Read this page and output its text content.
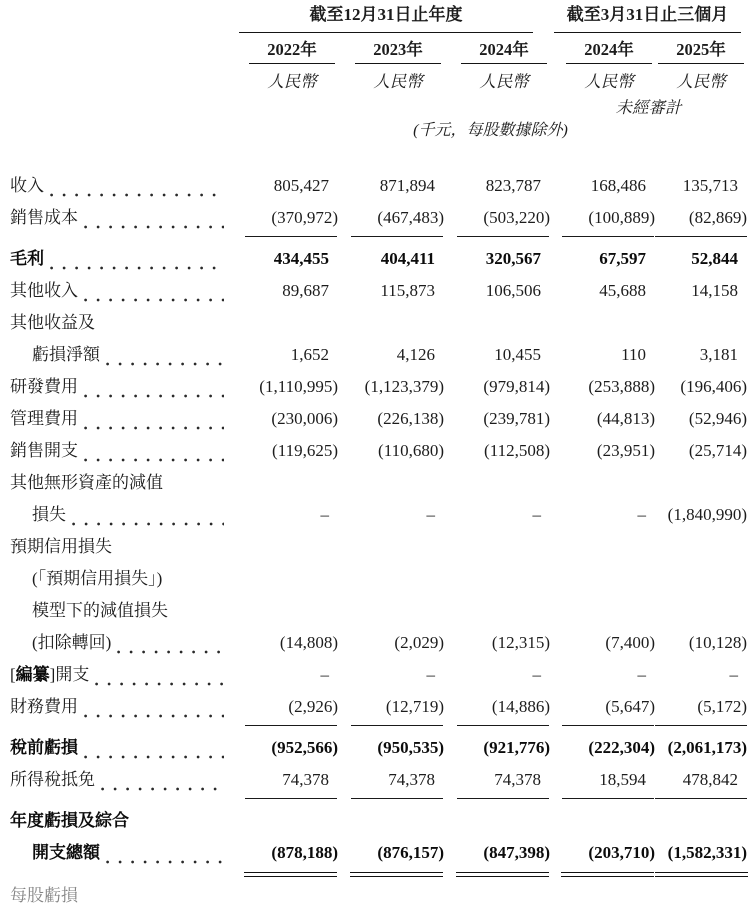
截至12月31日止年度	截至3月31日止三個月
2022年	2023年	2024年	2024年	2025年
人民幣	人民幣	人民幣	人民幣	人民幣
未經審計
(千元，每股數據除外)
收入	805,427	871,894	823,787	168,486	135,713
銷售成本	(370,972)	(467,483)	(503,220)	(100,889)	(82,869)
毛利	434,455	404,411	320,567	67,597	52,844
其他收入	89,687	115,873	106,506	45,688	14,158
其他收益及
虧損淨額	1,652	4,126	10,455	110	3,181
研發費用	(1,110,995)	(1,123,379)	(979,814)	(253,888)	(196,406)
管理費用	(230,006)	(226,138)	(239,781)	(44,813)	(52,946)
銷售開支	(119,625)	(110,680)	(112,508)	(23,951)	(25,714)
其他無形資產的減值
損失	–	–	–	–	(1,840,990)
預期信用損失
(「預期信用損失」)
模型下的減值損失
(扣除轉回)	(14,808)	(2,029)	(12,315)	(7,400)	(10,128)
[ 編纂 ]開支	–	–	–	–	–
財務費用	(2,926)	(12,719)	(14,886)	(5,647)	(5,172)
稅前虧損	(952,566)	(950,535)	(921,776)	(222,304) (2,061,173)
所得稅抵免	74,378	74,378	74,378	18,594	478,842
年度虧損及綜合
開支總額	(878,188)	(876,157)	(847,398)	(203,710) (1,582,331)
每股虧損
